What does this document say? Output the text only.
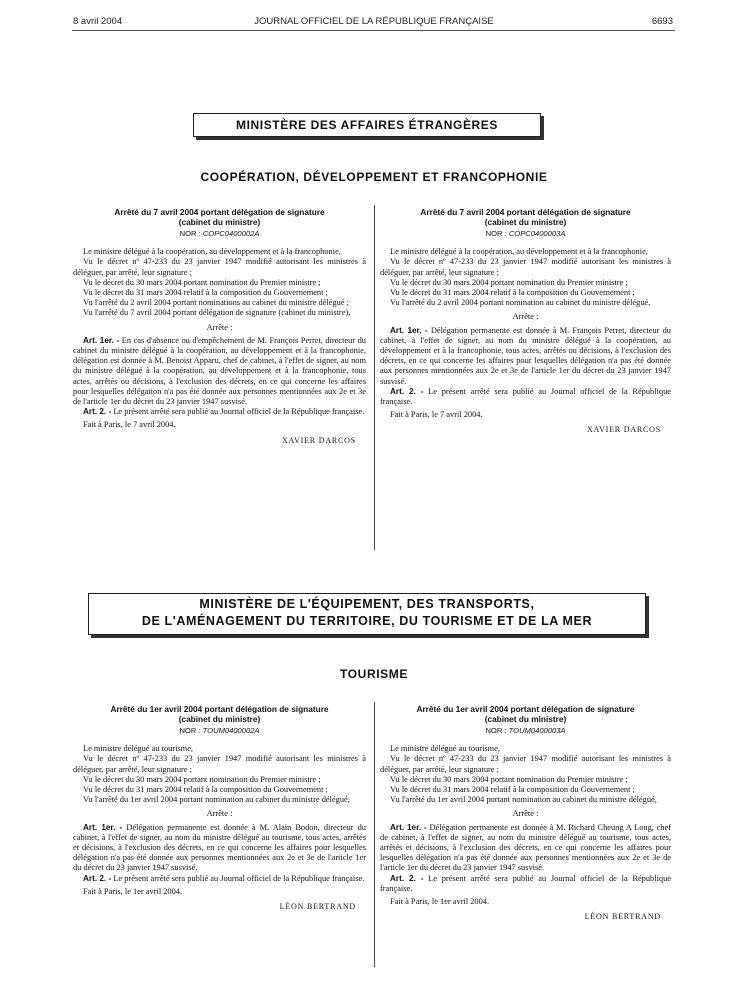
8 avril 2004	JOURNAL OFFICIEL DE LA RÉPUBLIQUE FRANÇAISE	6693
MINISTÈRE DES AFFAIRES ÉTRANGÈRES
COOPÉRATION, DÉVELOPPEMENT ET FRANCOPHONIE

Arrêté du 7 avril 2004 portant délégation de signature

(cabinet du ministre)

NOR : COPC0400002A

Le ministre délégué à la coopération, au développement et à la francophonie,

Vu le décret nº 47-233 du 23 janvier 1947 modifié autorisant les ministres à déléguer, par arrêté, leur signature ;

Vu le décret du 30 mars 2004 portant nomination du Premier ministre ;

Vu le décret du 31 mars 2004 relatif à la composition du Gouvernement ;

Vu l'arrêté du 2 avril 2004 portant nominations au cabinet du ministre délégué ;

Vu l'arrêté du 7 avril 2004 portant délégation de signature (cabinet du ministre),

Arrête :

Art. 1er. - En cas d'absence ou d'empêchement de M. François Perret, directeur du cabinet du ministre délégué à la coopération, au développement et à la francophonie, délégation est donnée à M. Benoist Apparu, chef de cabinet, à l'effet de signer, au nom du ministre délégué à la coopération, au développement et à la francophonie, tous actes, arrêtés ou décisions, à l'exclusion des décrets, en ce qui concerne les affaires pour lesquelles délégation n'a pas été donnée aux personnes mentionnées aux 2e et 3e de l'article 1er du décret du 23 janvier 1947 susvisé.

Art. 2. - Le présent arrêté sera publié au Journal officiel de la République française.

Fait à Paris, le 7 avril 2004.

XAVIER DARCOS

Arrêté du 7 avril 2004 portant délégation de signature

(cabinet du ministre)

NOR : COPC0400003A

Le ministre délégué à la coopération, au développement et à la francophonie,

Vu le décret nº 47-233 du 23 janvier 1947 modifié autorisant les ministres à déléguer, par arrêté, leur signature ;

Vu le décret du 30 mars 2004 portant nomination du Premier ministre ;

Vu le décret du 31 mars 2004 relatif à la composition du Gouvernement ;

Vu l'arrêté du 2 avril 2004 portant nomination au cabinet du ministre délégué,

Arrête :

Art. 1er. - Délégation permanente est donnée à M. François Perret, directeur du cabinet, à l'effet de signer, au nom du ministre délégué à la coopération, au développement et à la francophonie, tous actes, arrêtés ou décisions, à l'exclusion des décrets, en ce qui concerne les affaires pour lesquelles délégation n'a pas été donnée aux personnes mentionnées aux 2e et 3e de l'article 1er du décret du 23 janvier 1947 susvisé.

Art. 2. - Le présent arrêté sera publié au Journal officiel de la République française.

Fait à Paris, le 7 avril 2004.

XAVIER DARCOS

MINISTÈRE DE L'ÉQUIPEMENT, DES TRANSPORTS,
DE L'AMÉNAGEMENT DU TERRITOIRE, DU TOURISME ET DE LA MER
TOURISME

Arrêté du 1er avril 2004 portant délégation de signature

(cabinet du ministre)

NOR : TOUM0400002A

Le ministre délégué au tourisme,

Vu le décret nº 47-233 du 23 janvier 1947 modifié autorisant les ministres à déléguer, par arrêté, leur signature ;

Vu le décret du 30 mars 2004 portant nomination du Premier ministre ;

Vu le décret du 31 mars 2004 relatif à la composition du Gouvernement ;

Vu l'arrêté du 1er avril 2004 portant nomination au cabinet du ministre délégué,

Arrête :

Art. 1er. - Délégation permanente est donnée à M. Alain Bodon, directeur du cabinet, à l'effet de signer, au nom du ministre délégué au tourisme, tous actes, arrêtés et décisions, à l'exclusion des décrets, en ce qui concerne les affaires pour lesquelles délégation n'a pas été donnée aux personnes mentionnées aux 2e et 3e de l'article 1er du décret du 23 janvier 1947 susvisé.

Art. 2. - Le présent arrêté sera publié au Journal officiel de la République française.

Fait à Paris, le 1er avril 2004.

LÉON BERTRAND

Arrêté du 1er avril 2004 portant délégation de signature

(cabinet du ministre)

NOR : TOUM0400003A

Le ministre délégué au tourisme,

Vu le décret nº 47-233 du 23 janvier 1947 modifié autorisant les ministres à déléguer, par arrêté, leur signature ;

Vu le décret du 30 mars 2004 portant nomination du Premier ministre ;

Vu le décret du 31 mars 2004 relatif à la composition du Gouvernement ;

Vu l'arrêté du 1er avril 2004 portant nomination au cabinet du ministre délégué,

Arrête :

Art. 1er. - Délégation permanente est donnée à M. Richard Cheung A Long, chef de cabinet, à l'effet de signer, au nom du ministre délégué au tourisme, tous actes, arrêtés et décisions, à l'exclusion des décrets, en ce qui concerne les affaires pour lesquelles délégation n'a pas été donnée aux personnes mentionnées aux 2e et 3e de l'article 1er du décret du 23 janvier 1947 susvisé.

Art. 2. - Le présent arrêté sera publié au Journal officiel de la République française.

Fait à Paris, le 1er avril 2004.

LÉON BERTRAND
